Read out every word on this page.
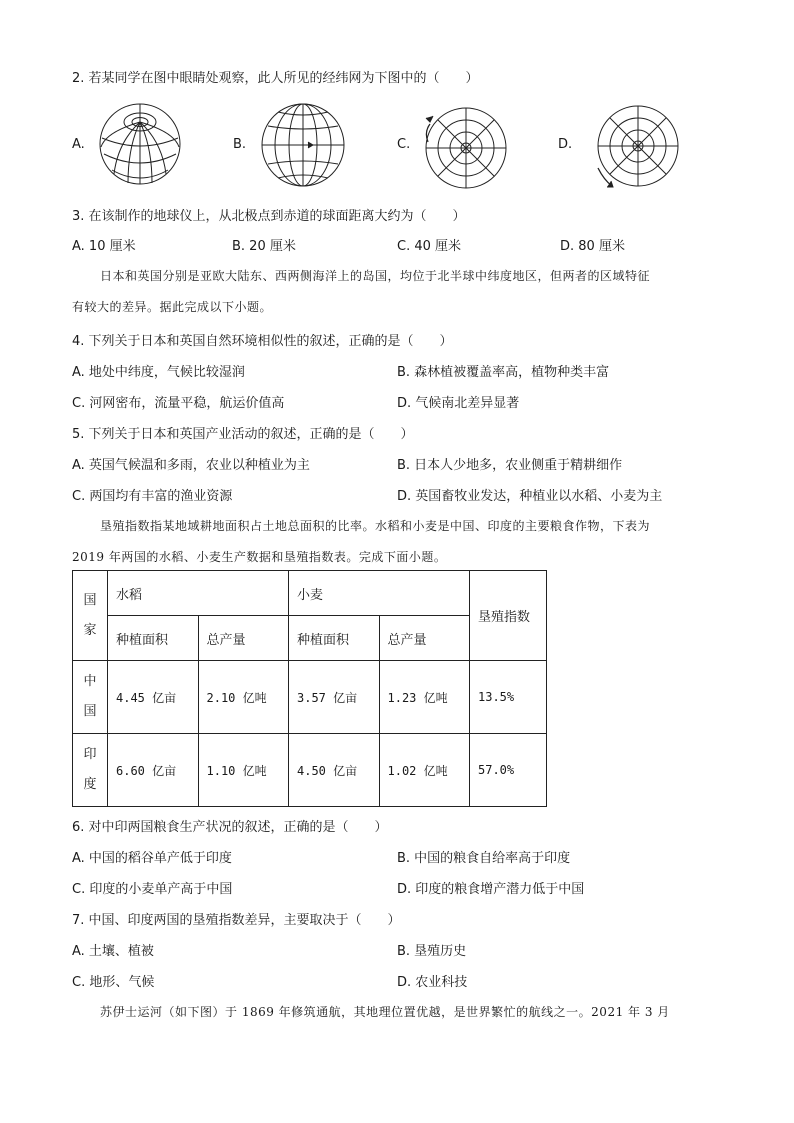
2. 若某同学在图中眼睛处观察，此人所见的经纬网为下图中的（　　）
A.	B.	C.	D.
3. 在该制作的地球仪上，从北极点到赤道的球面距离大约为（　　）
A. 10 厘米	B. 20 厘米	C. 40 厘米	D. 80 厘米
日本和英国分别是亚欧大陆东、西两侧海洋上的岛国，均位于北半球中纬度地区，但两者的区域特征
有较大的差异。据此完成以下小题。
4. 下列关于日本和英国自然环境相似性的叙述，正确的是（　　）
A. 地处中纬度，气候比较湿润	B. 森林植被覆盖率高，植物种类丰富
C. 河网密布，流量平稳，航运价值高	D. 气候南北差异显著
5. 下列关于日本和英国产业活动的叙述，正确的是（　　）
A. 英国气候温和多雨，农业以种植业为主	B. 日本人少地多，农业侧重于精耕细作
C. 两国均有丰富的渔业资源	D. 英国畜牧业发达，种植业以水稻、小麦为主
垦殖指数指某地域耕地面积占土地总面积的比率。水稻和小麦是中国、印度的主要粮食作物，下表为
2019 年两国的水稻、小麦生产数据和垦殖指数表。完成下面小题。
国
家	水稻		小麦		垦殖指数
	种植面积	总产量	种植面积	总产量	

中
国	4.45 亿亩	2.10 亿吨	3.57 亿亩	1.23 亿吨	13.5%

印
度	6.60 亿亩	1.10 亿吨	4.50 亿亩	1.02 亿吨	57.0%
6. 对中印两国粮食生产状况的叙述，正确的是（　　）
A. 中国的稻谷单产低于印度	B. 中国的粮食自给率高于印度
C. 印度的小麦单产高于中国	D. 印度的粮食增产潜力低于中国
7. 中国、印度两国的垦殖指数差异，主要取决于（　　）
A. 土壤、植被	B. 垦殖历史
C. 地形、气候	D. 农业科技
苏伊士运河（如下图）于 1869 年修筑通航，其地理位置优越，是世界繁忙的航线之一。2021 年 3 月
